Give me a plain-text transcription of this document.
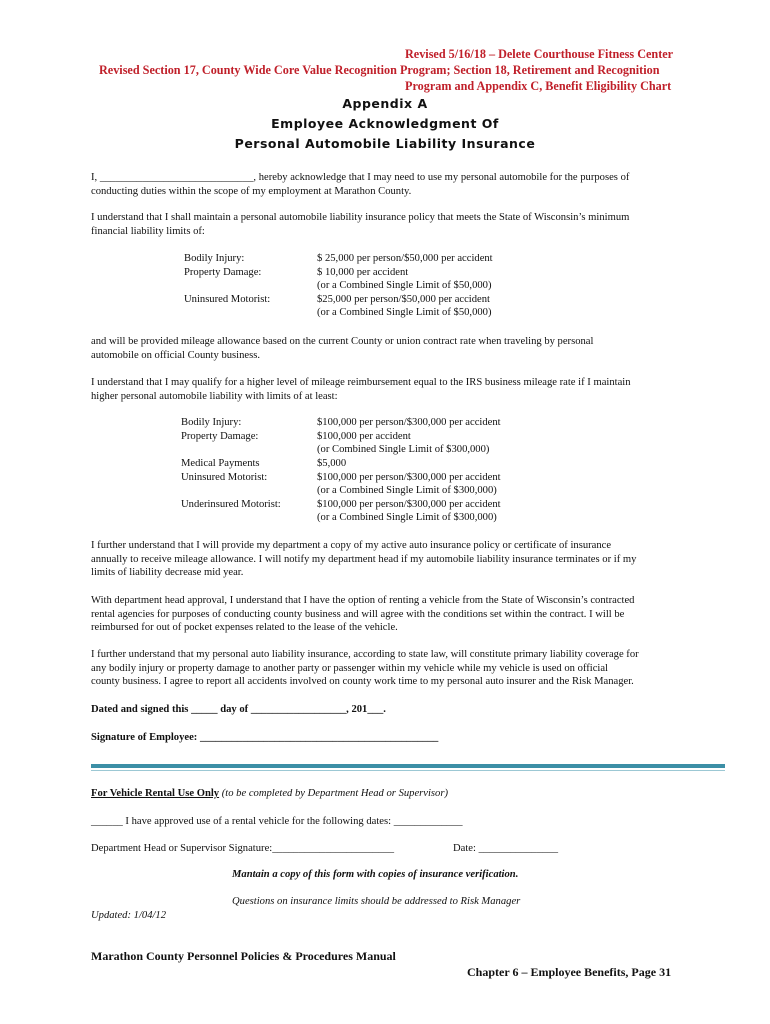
Revised 5/16/18 – Delete Courthouse Fitness Center
Revised Section 17, County Wide Core Value Recognition Program; Section 18, Retirement and Recognition
Program and Appendix C, Benefit Eligibility Chart
Appendix A
Employee Acknowledgment Of
Personal Automobile Liability Insurance
I, _____________________________, hereby acknowledge that I may need to use my personal automobile for the purposes of
conducting duties within the scope of my employment at Marathon County.
I understand that I shall maintain a personal automobile liability insurance policy that meets the State of Wisconsin’s minimum
financial liability limits of:
Bodily Injury:	$ 25,000 per person/$50,000 per accident
Property Damage:	$ 10,000 per accident
(or a Combined Single Limit of $50,000)
Uninsured Motorist:	$25,000 per person/$50,000 per accident
(or a Combined Single Limit of $50,000)
and will be provided mileage allowance based on the current County or union contract rate when traveling by personal
automobile on official County business.
I understand that I may qualify for a higher level of mileage reimbursement equal to the IRS business mileage rate if I maintain
higher personal automobile liability with limits of at least:
Bodily Injury:	$100,000 per person/$300,000 per accident
Property Damage:	$100,000 per accident
(or Combined Single Limit of $300,000)
Medical Payments	$5,000
Uninsured Motorist:	$100,000 per person/$300,000 per accident
(or a Combined Single Limit of $300,000)
Underinsured Motorist:	$100,000 per person/$300,000 per accident
(or a Combined Single Limit of $300,000)
I further understand that I will provide my department a copy of my active auto insurance policy or certificate of insurance
annually to receive mileage allowance. I will notify my department head if my automobile liability insurance terminates or if my
limits of liability decrease mid year.
With department head approval, I understand that I have the option of renting a vehicle from the State of Wisconsin’s contracted
rental agencies for purposes of conducting county business and will agree with the conditions set within the contract. I will be
reimbursed for out of pocket expenses related to the lease of the vehicle.
I further understand that my personal auto liability insurance, according to state law, will constitute primary liability coverage for
any bodily injury or property damage to another party or passenger within my vehicle while my vehicle is used on official
county business. I agree to report all accidents involved on county work time to my personal auto insurer and the Risk Manager.
Dated and signed this _____ day of __________________, 201___.
Signature of Employee: _____________________________________________
For Vehicle Rental Use Only (to be completed by Department Head or Supervisor)
______ I have approved use of a rental vehicle for the following dates: _____________
Department Head or Supervisor Signature:_______________________	Date: _______________
Mantain a copy of this form with copies of insurance verification.
Questions on insurance limits should be addressed to Risk Manager
Updated: 1/04/12
Marathon County Personnel Policies & Procedures Manual
Chapter 6 – Employee Benefits, Page 31
